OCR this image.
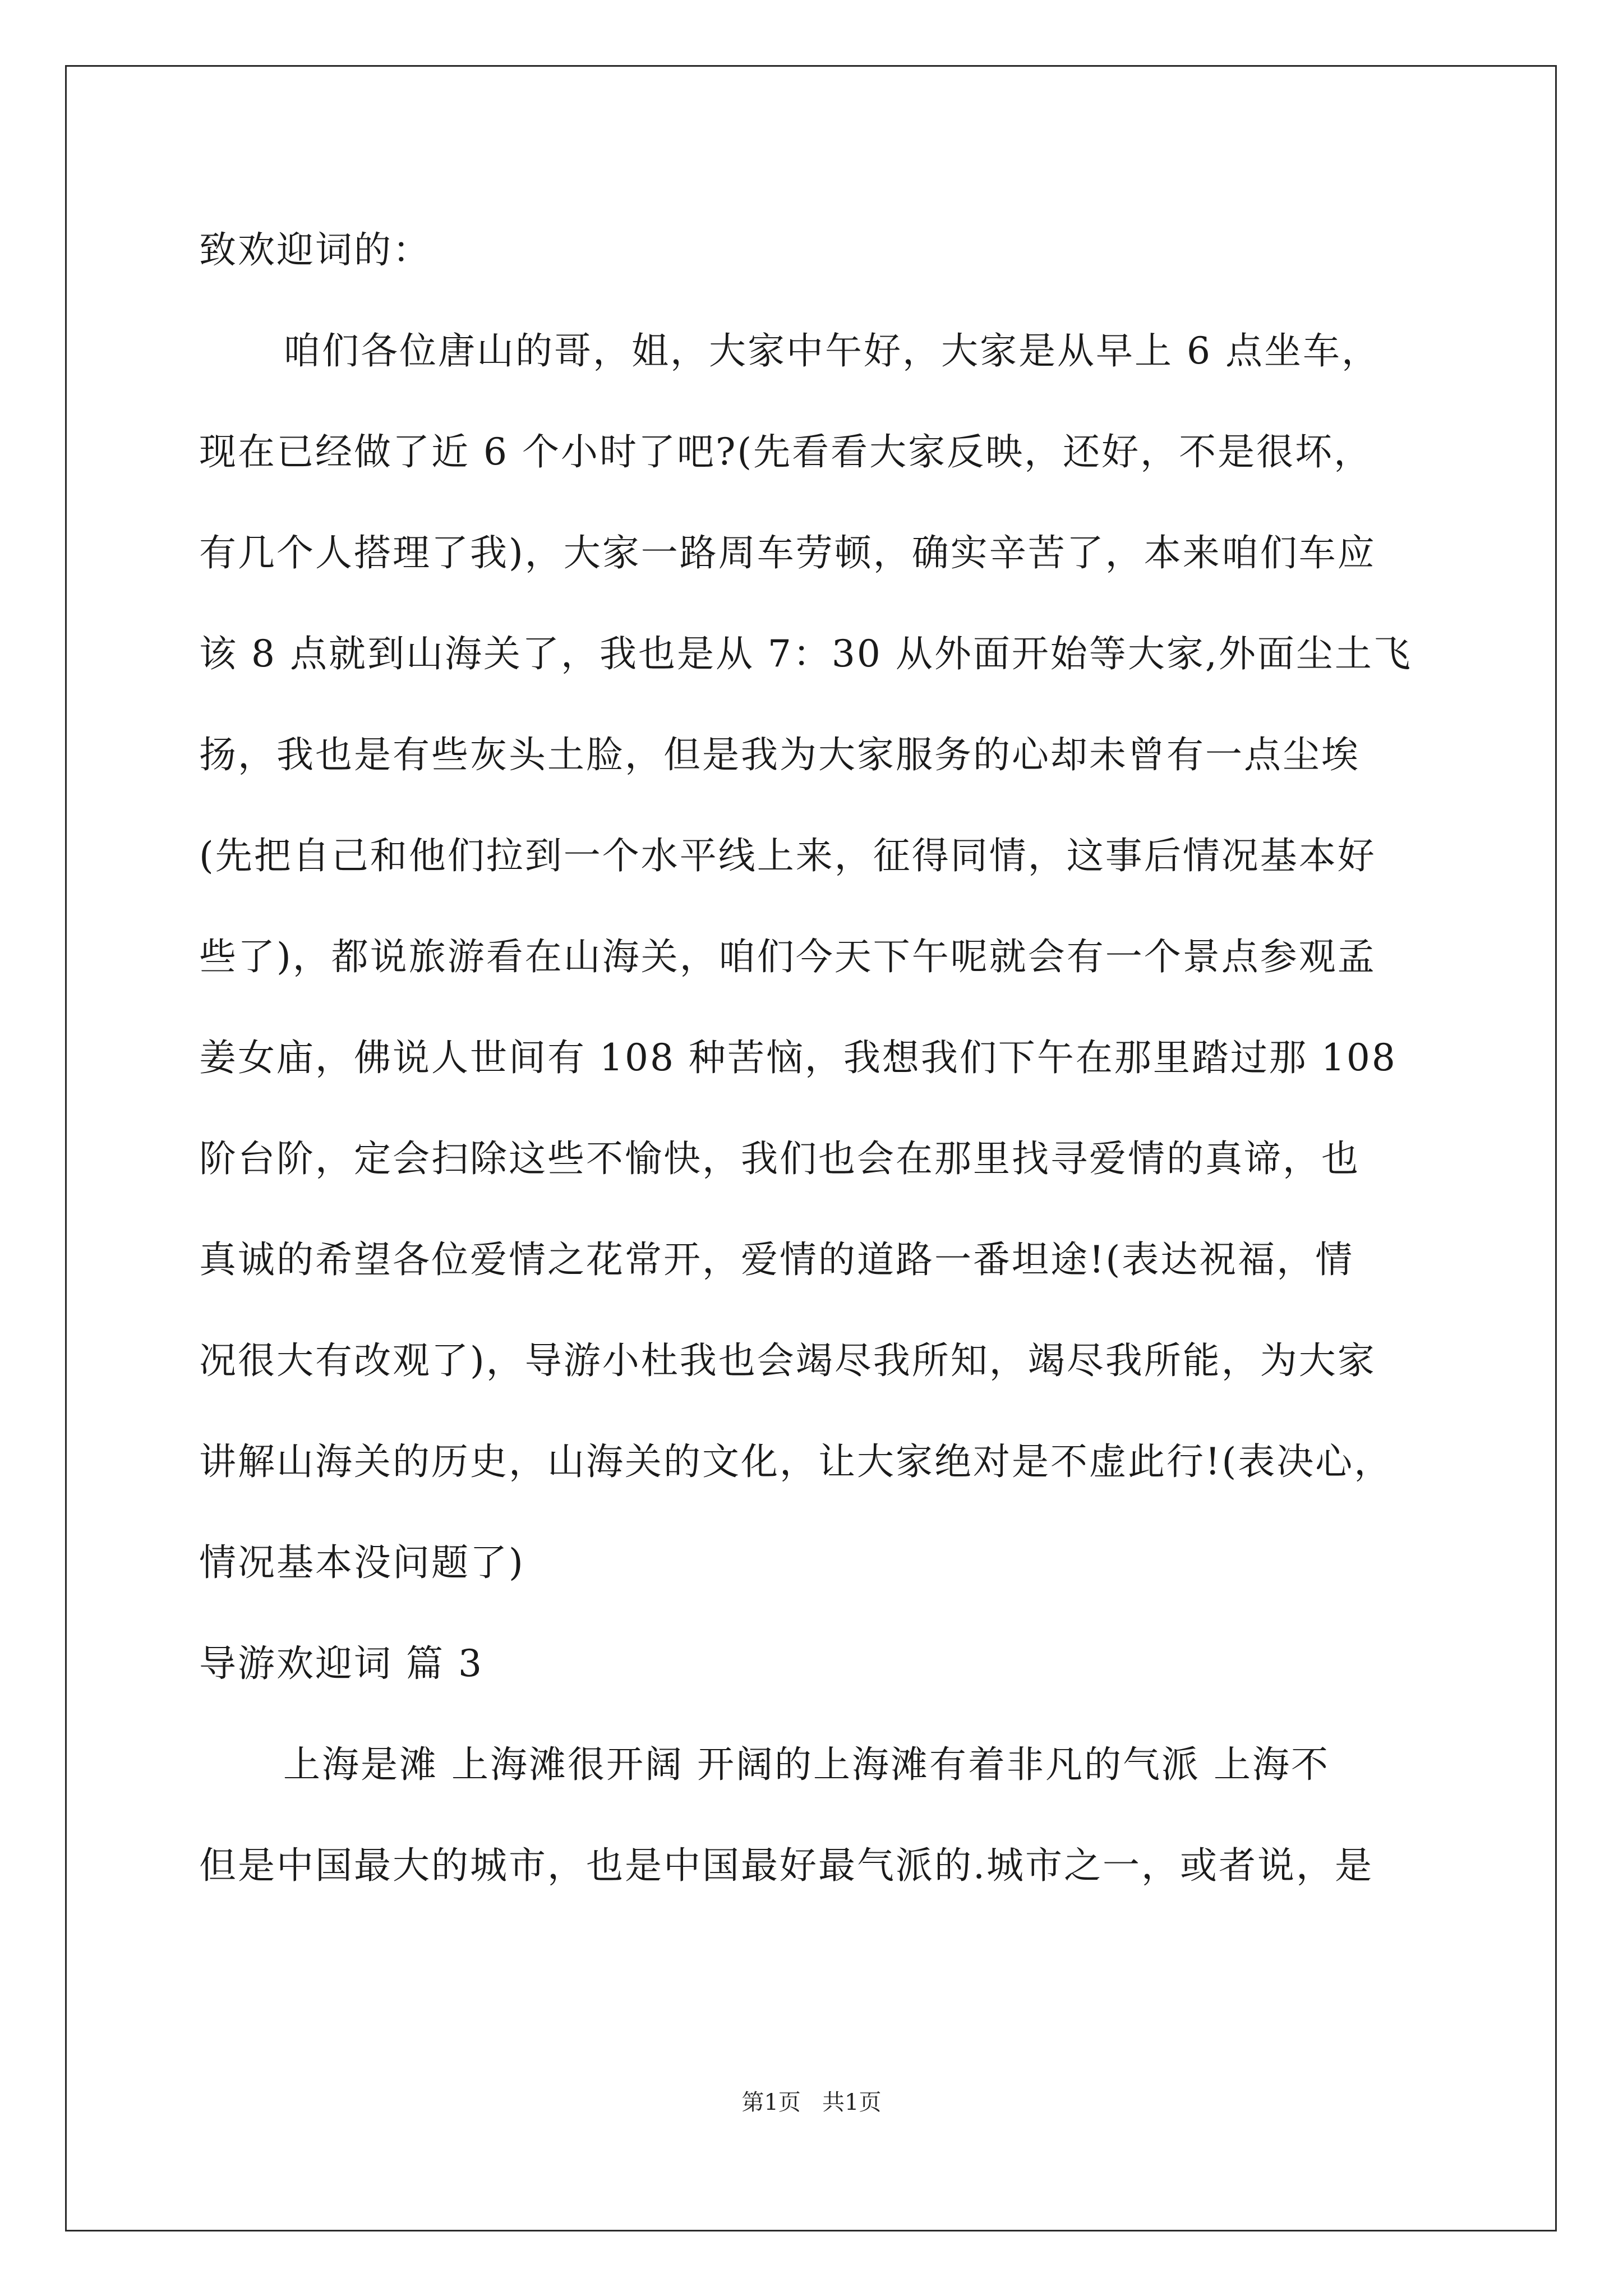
致欢迎词的：
咱们各位唐山的哥，姐，大家中午好，大家是从早上 6 点坐车，
现在已经做了近 6 个小时了吧?(先看看大家反映，还好，不是很坏，
有几个人搭理了我)，大家一路周车劳顿，确实辛苦了，本来咱们车应
该 8 点就到山海关了，我也是从 7：30 从外面开始等大家,外面尘土飞
扬，我也是有些灰头土脸，但是我为大家服务的心却未曾有一点尘埃
(先把自己和他们拉到一个水平线上来，征得同情，这事后情况基本好
些了)，都说旅游看在山海关，咱们今天下午呢就会有一个景点参观孟
姜女庙，佛说人世间有 108 种苦恼，我想我们下午在那里踏过那 108
阶台阶，定会扫除这些不愉快，我们也会在那里找寻爱情的真谛，也
真诚的希望各位爱情之花常开，爱情的道路一番坦途!(表达祝福，情
况很大有改观了)，导游小杜我也会竭尽我所知，竭尽我所能，为大家
讲解山海关的历史，山海关的文化，让大家绝对是不虚此行!(表决心，
情况基本没问题了)
导游欢迎词 篇 3
上海是滩 上海滩很开阔 开阔的上海滩有着非凡的气派 上海不
但是中国最大的城市，也是中国最好最气派的.城市之一，或者说，是
第1页   共1页
